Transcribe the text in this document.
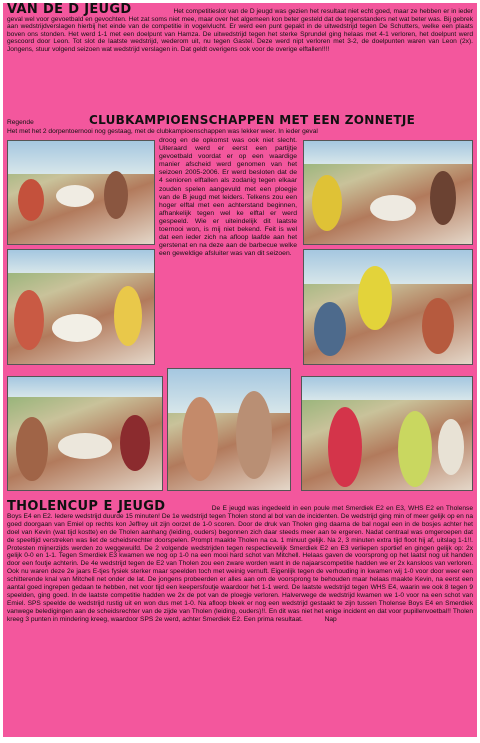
VAN DE D JEUGD	Het competitieslot van de D jeugd was gezien het resultaat niet echt goed, maar ze hebben er in ieder geval wel voor gevoetbald en gevochten. Het zat soms niet mee, maar over het algemeen kon beter gesteld dat de tegenstanders net wat beter was. Bij gebrek aan wedstrijdverslagen hierbij het einde van de competitie in vogelvlucht. Er werd een punt gepakt in de uitwedstrijd tegen De Schutters, welke een plaats boven ons stonden. Het werd 1-1 met een doelpunt van Hamza. De uitwedstrijd tegen het sterke Sprundel ging helaas met 4-1 verloren, het doelpunt werd gescoord door Leon. Tot slot de laatste wedstrijd, wederom uit, nu tegen Gastel. Deze werd nipt verloren met 3-2, de doelpunten waren van Leon (2x). Jongens, stuur volgend seizoen wat wedstrijd verslagen in. Dat geldt overigens ook voor de overige elftallen!!!!
Regende	CLUBKAMPIOENSCHAPPEN MET EEN ZONNETJE
Het met het 2 dorpentoernooi nog gestaag, met de clubkampioenschappen was lekker weer. In ieder geval
droog en de opkomst was ook niet slecht. Uiteraard werd er eerst een partijtje gevoetbald voordat er op een waardige manier afscheid werd genomen van het seizoen 2005-2006. Er werd besloten dat de 4 senioren elftallen als zodanig tegen elkaar zouden spelen aangevuld met een ploegje van de B jeugd met leiders. Telkens zou een hoger elftal met een achterstand beginnen, afhankelijk tegen wel ke elftal er werd gespeeld. Wie er uiteindelijk dit laatste toernooi won, is mij niet bekend. Feit is wel dat een ieder zich na afloop laafde aan het gerstenat en na deze aan de barbecue welke een geweldige afsluiter was van dit seizoen.
THOLENCUP E JEUGD	De E jeugd was ingedeeld in een poule met Smerdiek E2 en E3, WHS E2 en Tholense Boys E4 en E2. Iedere wedstrijd duurde 15 minuten! De 1e wedstrijd tegen Tholen stond al bol van de incidenten. De wedstrijd ging min of meer gelijk op en na goed doorgaan van Emiel op rechts kon Jeffrey uit zijn oorzet de 1-0 scoren. Door de druk van Tholen ging daarna de bal nogal een in de bosjes achter het doel van Kevin (wat tijd kostte) en de Tholen aanhang (leiding, ouders) begonnen zich daar steeds meer aan te ergeren. Nadat centraal was omgeroepen dat de speeltijd verstreken was liet de scheidsrechter doorspelen. Prompt maakte Tholen na ca. 1 minuut gelijk. Na 2, 3 minuten extra tijd floot hij af, uitslag 1-1!!. Protesten mijnerzijds werden zo weggewuifd. De 2 volgende wedstrijden tegen respectievelijk Smerdiek E2 en E3 verliepen sportief en gingen gelijk op: 2x gelijk 0-0 en 1-1. Tegen Smerdiek E3 kwamen we nog op 1-0 na een mooi hard schot van Mitchell. Helaas gaven de voorsprong op het laatst nog uit handen door een foutje achterin. De 4e wedstrijd tegen de E2 van Tholen zou een zware worden want in de najaarscompetitie hadden we er 2x kansloos van verloren. Ook nu waren deze 2e jaars E-tjes fysiek sterker maar speelden toch met weinig vernuft. Eigenlijk tegen de verhouding in kwamen wij 1-0 voor door weer een schitterende knal van Mitchell net onder de lat. De jongens probeerden er alles aan om de voorsprong te behouden maar helaas maakte Kevin, na eerst een aantal goed ingrepen gedaan te hebben, net voor tijd een keepersfoutje waardoor het 1-1 werd. De laatste wedstrijd tegen WHS E4, waarin we ook 8 tegen 9 speelden, ging goed. In de laatste competitie hadden we 2x de pot van de ploegje verloren. Halverwege de wedstrijd kwamen we 1-0 voor na een schot van Emiel. SPS speelde de wedstrijd rustig uit en won dus met 1-0. Na afloop bleek er nog een wedstrijd gestaakt te zijn tussen Tholense Boys E4 en Smerdiek vanwege beledigingen aan de scheidsrechter van de zijde van Tholen (leiding, ouders)!!. En dit was niet het enige incident en dat voor pupillenvoetbal!! Tholen kreeg 3 punten in mindering kreeg, waardoor SPS 2e werd, achter Smerdiek E2. Een prima resultaat.	Nap
